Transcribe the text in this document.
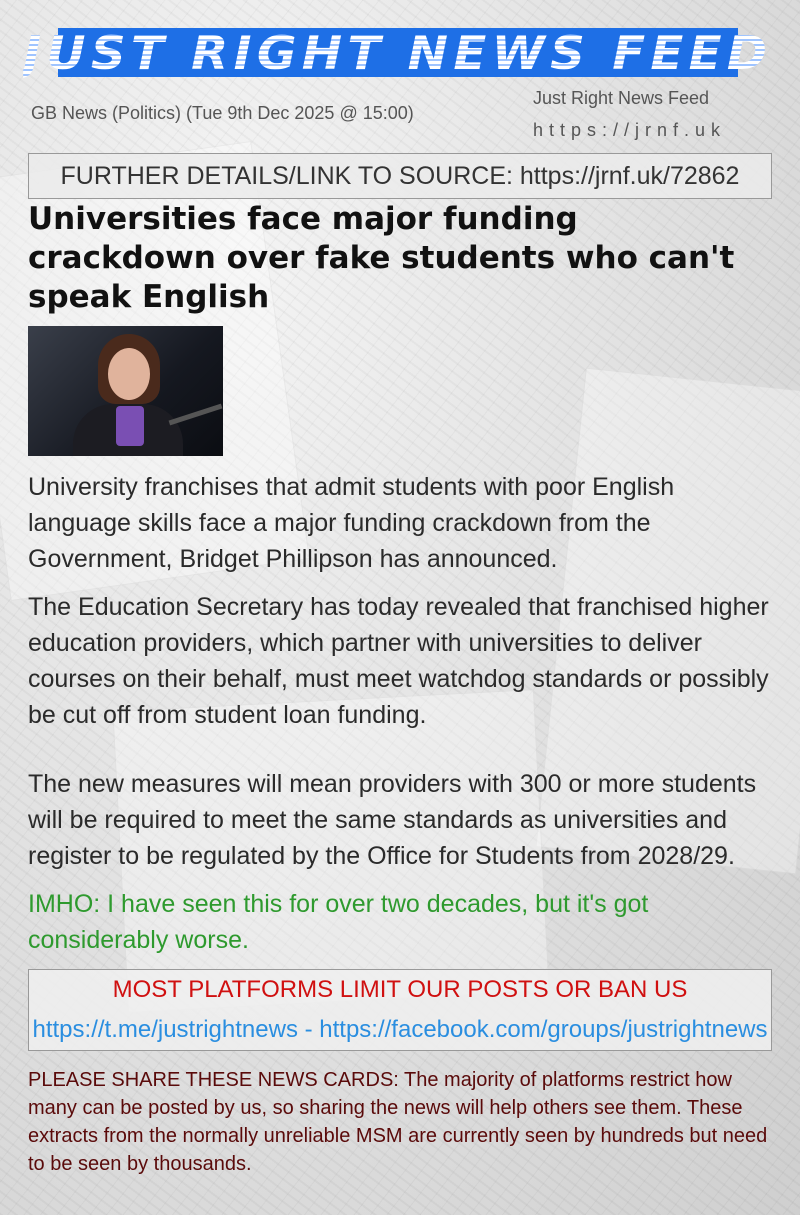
JUST RIGHT NEWS FEED
GB News (Politics) (Tue 9th Dec 2025 @ 15:00)
Just Right News Feed
https://jrnf.uk
FURTHER DETAILS/LINK TO SOURCE: https://jrnf.uk/72862
Universities face major funding crackdown over fake students who can't speak English

University franchises that admit students with poor English language skills face a major funding crackdown from the Government, Bridget Phillipson has announced.

The Education Secretary has today revealed that franchised higher education providers, which partner with universities to deliver courses on their behalf, must meet watchdog standards or possibly be cut off from student loan funding.

The new measures will mean providers with 300 or more students will be required to meet the same standards as universities and register to be regulated by the Office for Students from 2028/29.

IMHO: I have seen this for over two decades, but it's got considerably worse.

MOST PLATFORMS LIMIT OUR POSTS OR BAN US
https://t.me/justrightnews - https://facebook.com/groups/justrightnews

PLEASE SHARE THESE NEWS CARDS: The majority of platforms restrict how many can be posted by us, so sharing the news will help others see them. These extracts from the normally unreliable MSM are currently seen by hundreds but need to be seen by thousands.
